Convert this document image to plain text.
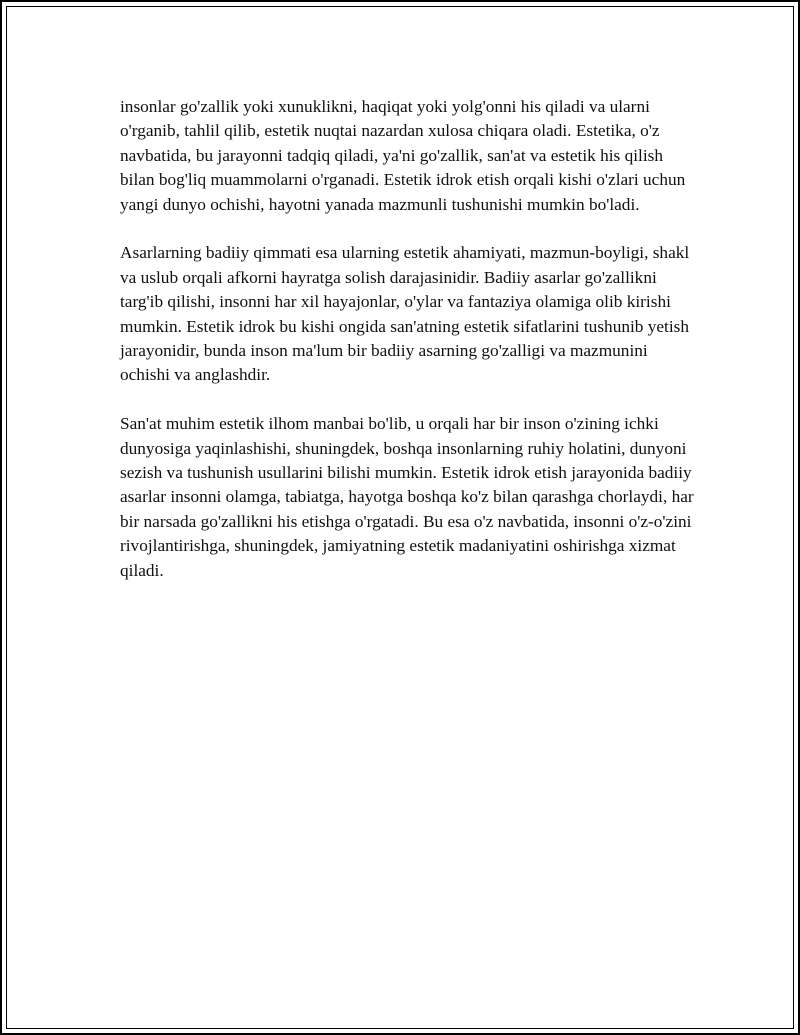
insonlar go'zallik yoki xunuklikni, haqiqat yoki yolg'onni his qiladi va ularni o'rganib, tahlil qilib, estetik nuqtai nazardan xulosa chiqara oladi. Estetika, o'z navbatida, bu jarayonni tadqiq qiladi, ya'ni go'zallik, san'at va estetik his qilish bilan bog'liq muammolarni o'rganadi. Estetik idrok etish orqali kishi o'zlari uchun yangi dunyo ochishi, hayotni yanada mazmunli tushunishi mumkin bo'ladi.

Asarlarning badiiy qimmati esa ularning estetik ahamiyati, mazmun-boyligi, shakl va uslub orqali afkorni hayratga solish darajasinidir. Badiiy asarlar go'zallikni targ'ib qilishi, insonni har xil hayajonlar, o'ylar va fantaziya olamiga olib kirishi mumkin. Estetik idrok bu kishi ongida san'atning estetik sifatlarini tushunib yetish jarayonidir, bunda inson ma'lum bir badiiy asarning go'zalligi va mazmunini ochishi va anglashdir.

San'at muhim estetik ilhom manbai bo'lib, u orqali har bir inson o'zining ichki dunyosiga yaqinlashishi, shuningdek, boshqa insonlarning ruhiy holatini, dunyoni sezish va tushunish usullarini bilishi mumkin. Estetik idrok etish jarayonida badiiy asarlar insonni olamga, tabiatga, hayotga boshqa ko'z bilan qarashga chorlaydi, har bir narsada go'zallikni his etishga o'rgatadi. Bu esa o'z navbatida, insonni o'z-o'zini rivojlantirishga, shuningdek, jamiyatning estetik madaniyatini oshirishga xizmat qiladi.
